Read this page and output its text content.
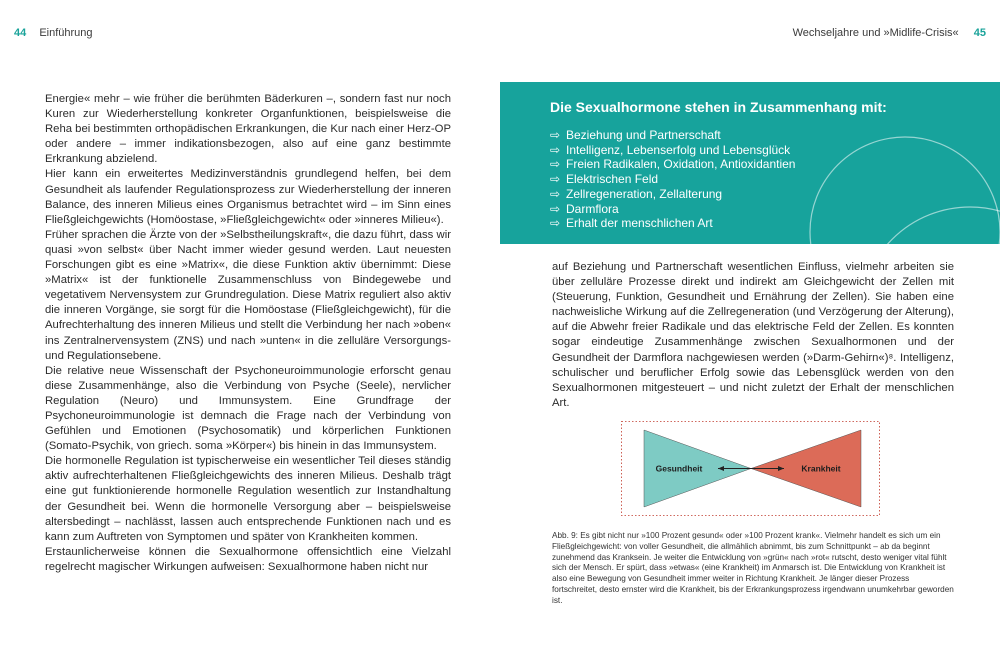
44 Einführung	Wechseljahre und »Midlife-Crisis« 45

Energie« mehr – wie früher die berühmten Bäderkuren –, sondern fast nur noch Kuren zur Wiederherstellung konkreter Organfunktionen, beispielsweise die Reha bei bestimmten orthopädischen Erkrankungen, die Kur nach einer Herz-OP oder andere – immer indikationsbezogen, also auf eine ganz bestimmte Erkrankung abzielend.

Hier kann ein erweitertes Medizinverständnis grundlegend helfen, bei dem Gesundheit als laufender Regulationsprozess zur Wiederherstellung der inneren Balance, des inneren Milieus eines Organismus betrachtet wird – im Sinn eines Fließgleichgewichts (Homöostase, »Fließgleichgewicht« oder »inneres Milieu«).

Früher sprachen die Ärzte von der »Selbstheilungskraft«, die dazu führt, dass wir quasi »von selbst« über Nacht immer wieder gesund werden. Laut neuesten Forschungen gibt es eine »Matrix«, die diese Funktion aktiv übernimmt: Diese »Matrix« ist der funktionelle Zusammenschluss von Bindegewebe und vegetativem Nervensystem zur Grundregulation. Diese Matrix reguliert also aktiv die inneren Vorgänge, sie sorgt für die Homöostase (Fließgleichgewicht), für die Aufrechterhaltung des inneren Milieus und stellt die Verbindung her nach »oben« ins Zentralnervensystem (ZNS) und nach »unten« in die zelluläre Versorgungs- und Regulationsebene.

Die relative neue Wissenschaft der Psychoneuroimmunologie erforscht genau diese Zusammenhänge, also die Verbindung von Psyche (Seele), nervlicher Regulation (Neuro) und Immunsystem. Eine Grundfrage der Psychoneuroimmunologie ist demnach die Frage nach der Verbindung von Gefühlen und Emotionen (Psychosomatik) und körperlichen Funktionen (Somato-Psychik, von griech. soma »Körper«) bis hinein in das Immunsystem.

Die hormonelle Regulation ist typischerweise ein wesentlicher Teil dieses ständig aktiv aufrechterhaltenen Fließgleichgewichts des inneren Milieus. Deshalb trägt eine gut funktionierende hormonelle Regulation wesentlich zur Instandhaltung der Gesundheit bei. Wenn die hormonelle Versorgung aber – beispielsweise altersbedingt – nachlässt, lassen auch entsprechende Funktionen nach und es kann zum Auftreten von Symptomen und später von Krankheiten kommen.

Erstaunlicherweise können die Sexualhormone offensichtlich eine Vielzahl regelrecht magischer Wirkungen aufweisen: Sexualhormone haben nicht nur

Die Sexualhormone stehen in Zusammenhang mit:
⇨ Beziehung und Partnerschaft
⇨ Intelligenz, Lebenserfolg und Lebensglück
⇨ Freien Radikalen, Oxidation, Antioxidantien
⇨ Elektrischen Feld
⇨ Zellregeneration, Zellalterung
⇨ Darmflora
⇨ Erhalt der menschlichen Art

auf Beziehung und Partnerschaft wesentlichen Einfluss, vielmehr arbeiten sie über zelluläre Prozesse direkt und indirekt am Gleichgewicht der Zellen mit (Steuerung, Funktion, Gesundheit und Ernährung der Zellen). Sie haben eine nachweisliche Wirkung auf die Zellregeneration (und Verzögerung der Alterung), auf die Abwehr freier Radikale und das elektrische Feld der Zellen. Es konnten sogar eindeutige Zusammenhänge zwischen Sexualhormonen und der Gesundheit der Darmflora nachgewiesen werden (»Darm-Gehirn«)⁸. Intelligenz, schulischer und beruflicher Erfolg sowie das Lebensglück werden von den Sexualhormonen mitgesteuert – und nicht zuletzt der Erhalt der menschlichen Art.

Gesundheit	Krankheit
Abb. 9: Es gibt nicht nur »100 Prozent gesund« oder »100 Prozent krank«. Vielmehr handelt es sich um ein Fließgleichgewicht: von voller Gesundheit, die allmählich abnimmt, bis zum Schnittpunkt – ab da beginnt zunehmend das Kranksein. Je weiter die Entwicklung von »grün« nach »rot« rutscht, desto weniger vital fühlt sich der Mensch. Er spürt, dass »etwas« (eine Krankheit) im Anmarsch ist. Die Entwicklung von Krankheit ist also eine Bewegung von Gesundheit immer weiter in Richtung Krankheit. Je länger dieser Prozess fortschreitet, desto ernster wird die Krankheit, bis der Erkrankungsprozess irgendwann unumkehrbar geworden ist.
